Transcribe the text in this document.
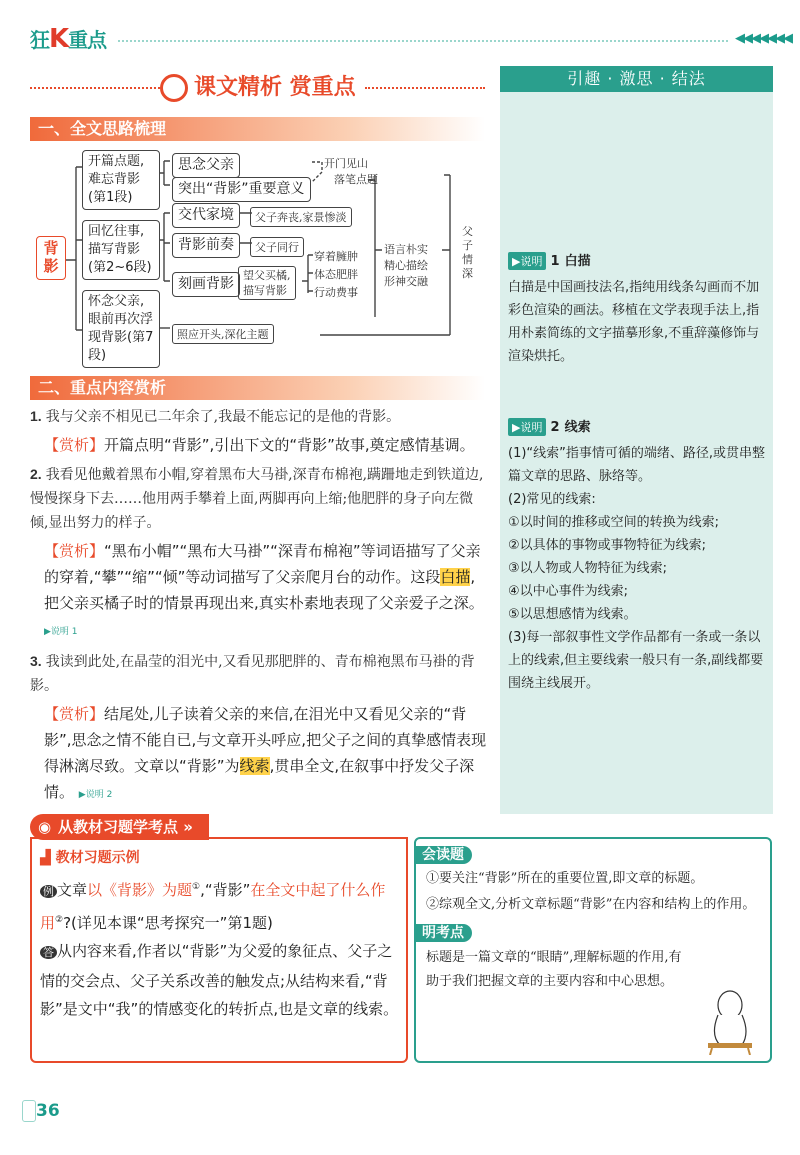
狂K重点	◀◀◀◀◀◀◀
课文精析 赏重点	引趣 · 激思 · 结法
▶说明 1 白描
白描是中国画技法名,指纯用线条勾画而不加彩色渲染的画法。移植在文学表现手法上,指用朴素简练的文字描摹形象,不重辞藻修饰与渲染烘托。
▶说明 2 线索
(1)“线索”指事情可循的端绪、路径,或贯串整篇文章的思路、脉络等。
(2)常见的线索:
①以时间的推移或空间的转换为线索;
②以具体的事物或事物特征为线索;
③以人物或人物特征为线索;
④以中心事件为线索;
⑤以思想感情为线索。
(3)每一部叙事性文学作品都有一条或一条以上的线索,但主要线索一般只有一条,副线都要围绕主线展开。
一、全文思路梳理
背影
开篇点题,难忘背影(第1段)
回忆往事,描写背影(第2~6段)
怀念父亲,眼前再次浮现背影(第7段)
思念父亲
突出“背影”重要意义
开门见山
落笔点题
交代家境	父子奔丧,家景惨淡
背影前奏	父子同行
刻画背影
望父买橘,
描写背影
穿着臃肿
体态肥胖
行动费事
语言朴实
精心描绘
形神交融
父子情深
照应开头,深化主题
二、重点内容赏析
1. 我与父亲不相见已二年余了,我最不能忘记的是他的背影。
【赏析】开篇点明“背影”,引出下文的“背影”故事,奠定感情基调。
2. 我看见他戴着黑布小帽,穿着黑布大马褂,深青布棉袍,蹒跚地走到铁道边,慢慢探身下去……他用两手攀着上面,两脚再向上缩;他肥胖的身子向左微倾,显出努力的样子。
【赏析】“黑布小帽”“黑布大马褂”“深青布棉袍”等词语描写了父亲的穿着,“攀”“缩”“倾”等动词描写了父亲爬月台的动作。这段白描,把父亲买橘子时的情景再现出来,真实朴素地表现了父亲爱子之深。 ▶说明 1
3. 我读到此处,在晶莹的泪光中,又看见那肥胖的、青布棉袍黑布马褂的背影。
【赏析】结尾处,儿子读着父亲的来信,在泪光中又看见父亲的“背影”,思念之情不能自已,与文章开头呼应,把父子之间的真挚感情表现得淋漓尽致。文章以“背影”为线索,贯串全文,在叙事中抒发父子深情。 ▶说明 2
◉ 从教材习题学考点 »
▟ 教材习题示例
例 文章以《背影》为题①,“背影”在全文中起了什么作用②?(详见本课“思考探究一”第1题)
答 从内容来看,作者以“背影”为父爱的象征点、父子之情的交会点、父子关系改善的触发点;从结构来看,“背影”是文中“我”的情感变化的转折点,也是文章的线索。
会读题
①要关注“背影”所在的重要位置,即文章的标题。
②综观全文,分析文章标题“背影”在内容和结构上的作用。
明考点
标题是一篇文章的“眼睛”,理解标题的作用,有助于我们把握文章的主要内容和中心思想。
36
